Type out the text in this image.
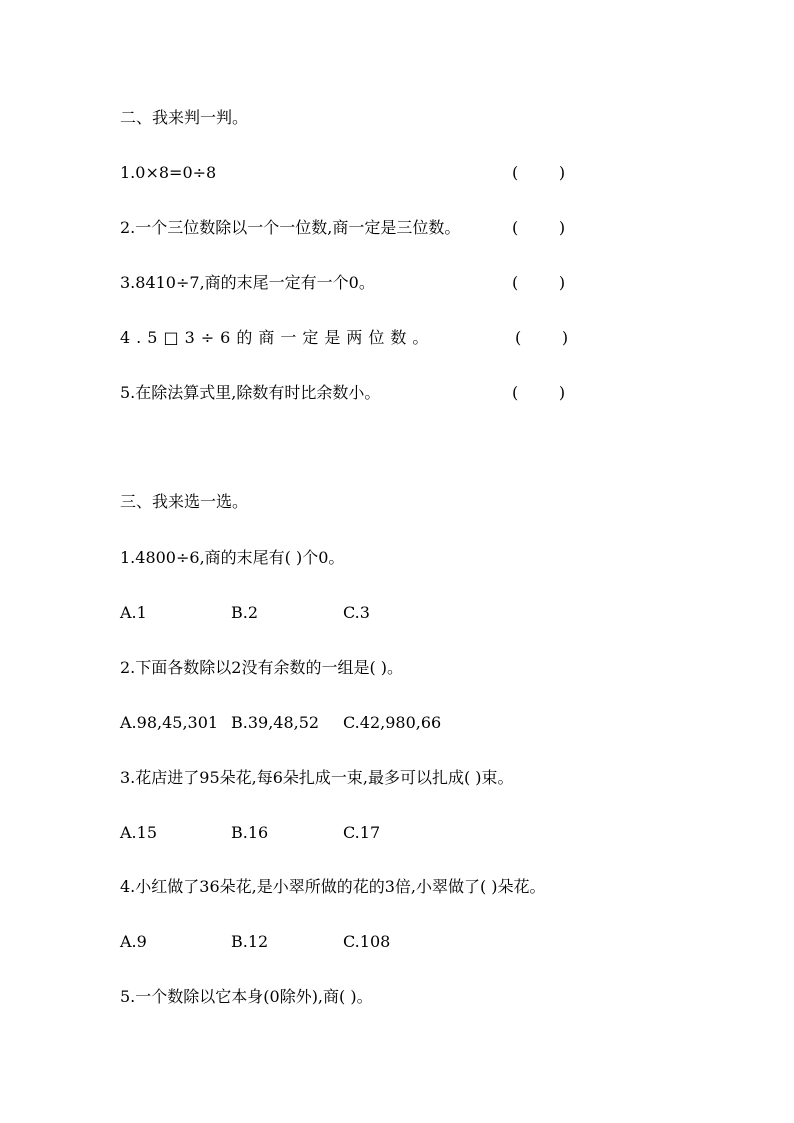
二、我来判一判。
1.0×8=0÷8	(        )
2.一个三位数除以一个一位数,商一定是三位数。	(        )
3.8410÷7,商的末尾一定有一个0。	(        )
4.5□3÷6的商一定是两位数。	(        )
5.在除法算式里,除数有时比余数小。	(        )
三、我来选一选。
1.4800÷6,商的末尾有( )个0。
A.1	B.2	C.3
2.下面各数除以2没有余数的一组是( )。
A.98,45,301 B.39,48,52 C.42,980,66
3.花店进了95朵花,每6朵扎成一束,最多可以扎成( )束。
A.15	B.16	C.17
4.小红做了36朵花,是小翠所做的花的3倍,小翠做了( )朵花。
A.9	B.12	C.108
5.一个数除以它本身(0除外),商( )。
